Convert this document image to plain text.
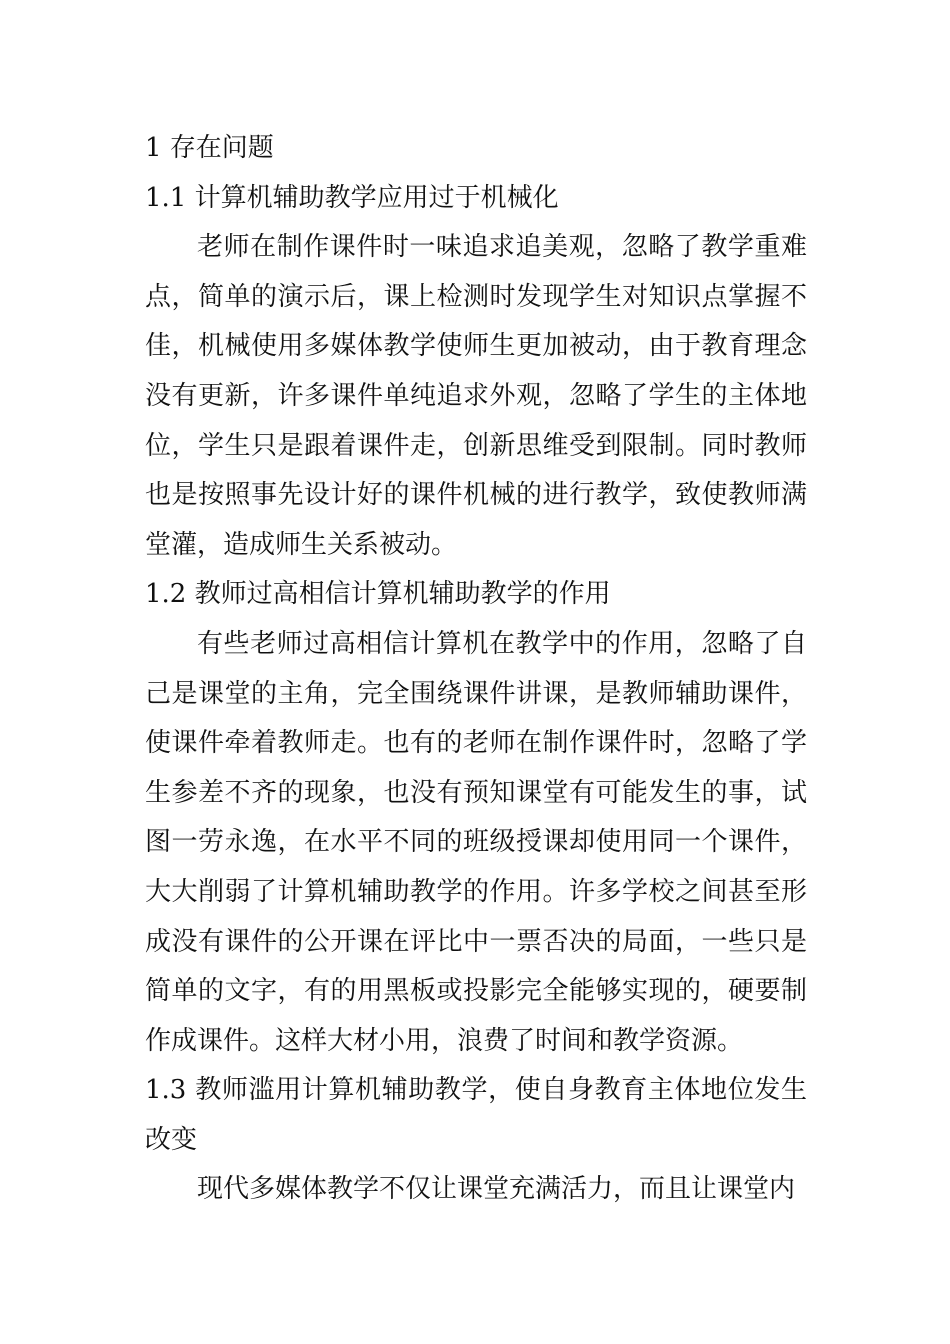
1 存在问题

1.1 计算机辅助教学应用过于机械化

老师在制作课件时一味追求追美观，忽略了教学重难点，简单的演示后，课上检测时发现学生对知识点掌握不佳，机械使用多媒体教学使师生更加被动，由于教育理念没有更新，许多课件单纯追求外观，忽略了学生的主体地位，学生只是跟着课件走，创新思维受到限制。同时教师也是按照事先设计好的课件机械的进行教学，致使教师满堂灌，造成师生关系被动。

1.2 教师过高相信计算机辅助教学的作用

有些老师过高相信计算机在教学中的作用，忽略了自己是课堂的主角，完全围绕课件讲课，是教师辅助课件，使课件牵着教师走。也有的老师在制作课件时，忽略了学生参差不齐的现象，也没有预知课堂有可能发生的事，试图一劳永逸，在水平不同的班级授课却使用同一个课件，大大削弱了计算机辅助教学的作用。许多学校之间甚至形成没有课件的公开课在评比中一票否决的局面，一些只是简单的文字，有的用黑板或投影完全能够实现的，硬要制作成课件。这样大材小用，浪费了时间和教学资源。

1.3 教师滥用计算机辅助教学，使自身教育主体地位发生改变

现代多媒体教学不仅让课堂充满活力，而且让课堂内
